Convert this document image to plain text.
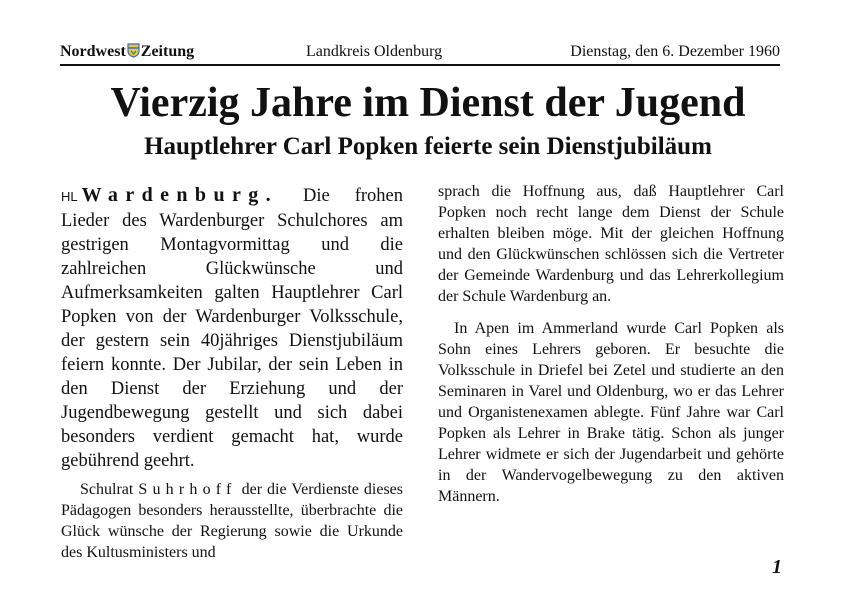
Nordwest Zeitung	Landkreis Oldenburg	Dienstag, den 6. Dezember 1960
Vierzig Jahre im Dienst der Jugend
Hauptlehrer Carl Popken feierte sein Dienstjubiläum

HL Wardenburg. Die frohen Lieder des Wardenburger Schulchores am gestrigen Montagvormittag und die zahlreichen Glückwünsche und Aufmerksamkeiten galten Hauptlehrer Carl Popken von der Wardenburger Volksschule, der gestern sein 40jähriges Dienstjubiläum feiern konnte. Der Jubilar, der sein Leben in den Dienst der Erziehung und der Jugendbewegung gestellt und sich dabei besonders verdient gemacht hat, wurde gebührend geehrt.

Schulrat Suhrhoff der die Verdienste dieses Pädagogen besonders herausstellte, überbrachte die Glück wünsche der Regierung sowie die Urkunde des Kultusministers und

sprach die Hoffnung aus, daß Hauptlehrer Carl Popken noch recht lange dem Dienst der Schule erhalten bleiben möge. Mit der gleichen Hoffnung und den Glückwünschen schlössen sich die Vertreter der Gemeinde Wardenburg und das Lehrerkollegium der Schule Wardenburg an.

In Apen im Ammerland wurde Carl Popken als Sohn eines Lehrers geboren. Er besuchte die Volksschule in Driefel bei Zetel und studierte an den Seminaren in Varel und Oldenburg, wo er das Lehrer und Organistenexamen ablegte. Fünf Jahre war Carl Popken als Lehrer in Brake tätig. Schon als junger Lehrer widmete er sich der Jugendarbeit und gehörte in der Wandervogelbewegung zu den aktiven Männern.

1
